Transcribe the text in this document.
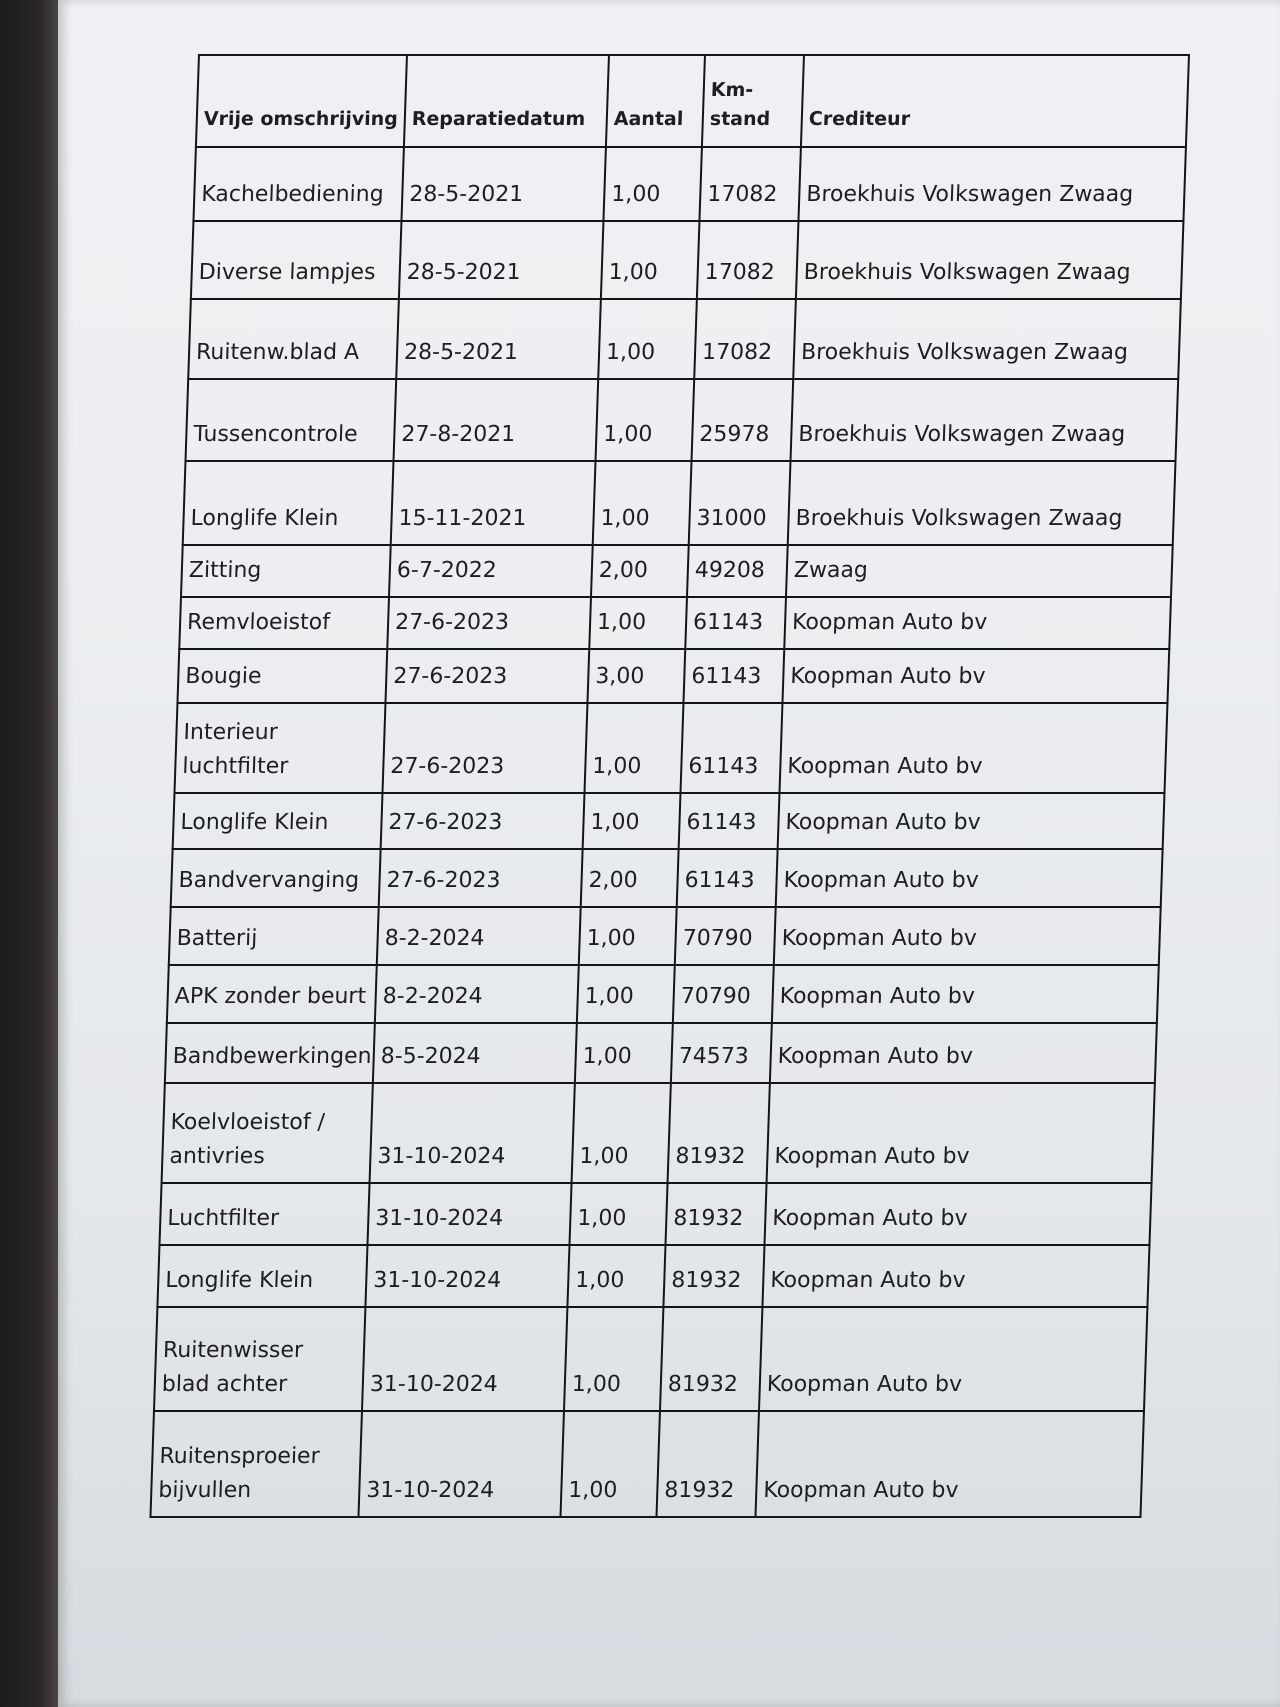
Vrije omschrijving	Reparatiedatum	Aantal	Km-stand	Crediteur
Kachelbediening	28-5-2021	1,00	17082	Broekhuis Volkswagen Zwaag
Diverse lampjes	28-5-2021	1,00	17082	Broekhuis Volkswagen Zwaag
Ruitenw.blad A	28-5-2021	1,00	17082	Broekhuis Volkswagen Zwaag
Tussencontrole	27-8-2021	1,00	25978	Broekhuis Volkswagen Zwaag
Longlife Klein	15-11-2021	1,00	31000	Broekhuis Volkswagen Zwaag
Zitting	6-7-2022	2,00	49208	Zwaag
Remvloeistof	27-6-2023	1,00	61143	Koopman Auto bv
Bougie	27-6-2023	3,00	61143	Koopman Auto bv
Interieur luchtfilter	27-6-2023	1,00	61143	Koopman Auto bv
Longlife Klein	27-6-2023	1,00	61143	Koopman Auto bv
Bandvervanging	27-6-2023	2,00	61143	Koopman Auto bv
Batterij	8-2-2024	1,00	70790	Koopman Auto bv
APK zonder beurt	8-2-2024	1,00	70790	Koopman Auto bv
Bandbewerkingen	8-5-2024	1,00	74573	Koopman Auto bv
Koelvloeistof / antivries	31-10-2024	1,00	81932	Koopman Auto bv
Luchtfilter	31-10-2024	1,00	81932	Koopman Auto bv
Longlife Klein	31-10-2024	1,00	81932	Koopman Auto bv
Ruitenwisser blad achter	31-10-2024	1,00	81932	Koopman Auto bv
Ruitensproeier bijvullen	31-10-2024	1,00	81932	Koopman Auto bv
